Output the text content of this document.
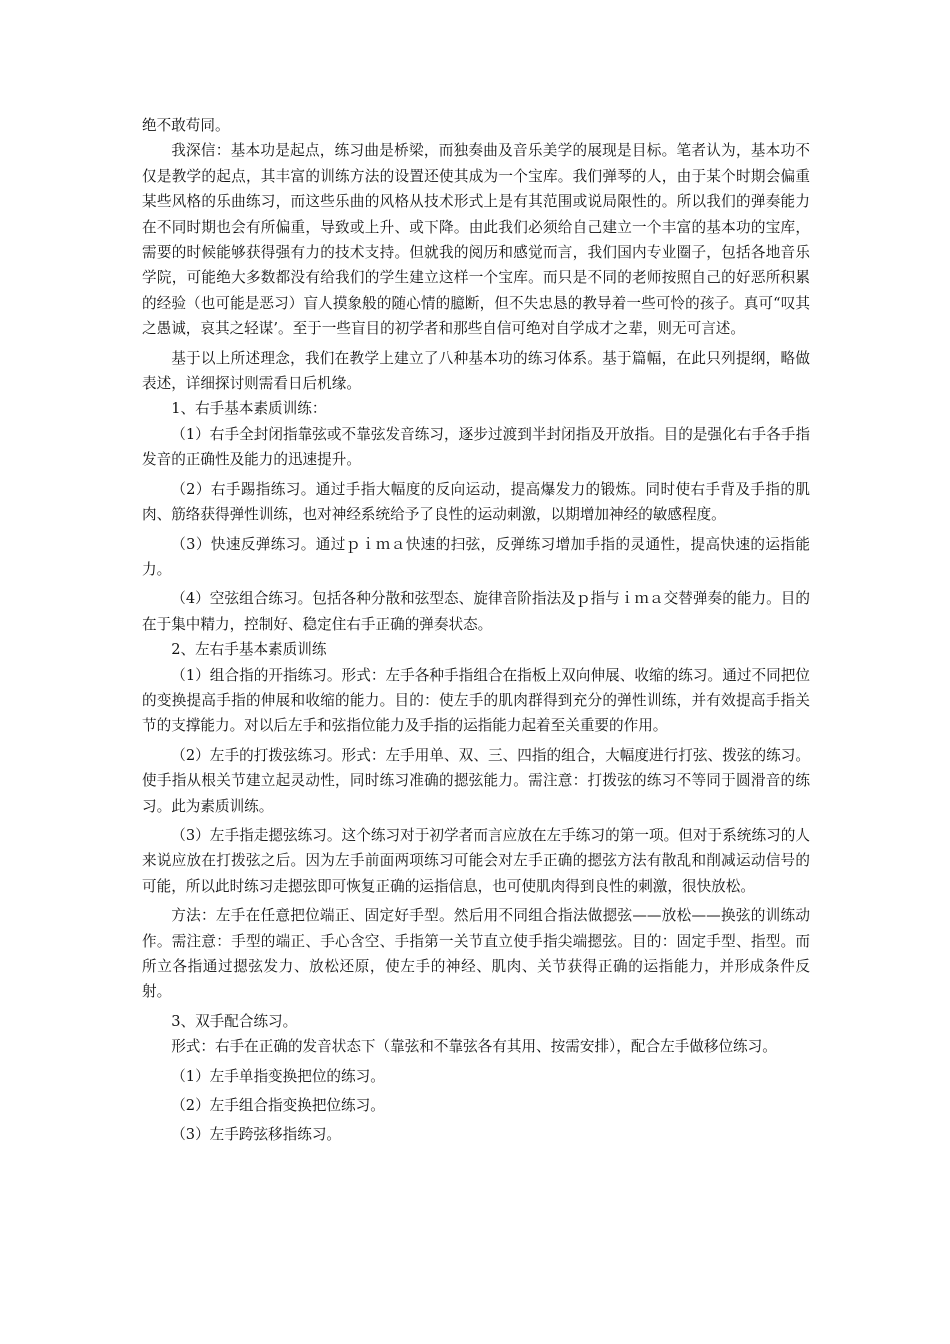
绝不敢苟同。

我深信：基本功是起点，练习曲是桥梁，而独奏曲及音乐美学的展现是目标。笔者认为，基本功不仅是教学的起点，其丰富的训练方法的设置还使其成为一个宝库。我们弹琴的人，由于某个时期会偏重某些风格的乐曲练习，而这些乐曲的风格从技术形式上是有其范围或说局限性的。所以我们的弹奏能力在不同时期也会有所偏重，导致或上升、或下降。由此我们必须给自己建立一个丰富的基本功的宝库，需要的时候能够获得强有力的技术支持。但就我的阅历和感觉而言，我们国内专业圈子，包括各地音乐学院，可能绝大多数都没有给我们的学生建立这样一个宝库。而只是不同的老师按照自己的好恶所积累的经验（也可能是恶习）盲人摸象般的随心情的臆断，但不失忠恳的教导着一些可怜的孩子。真可“叹其之愚诚，哀其之轻谋’。至于一些盲目的初学者和那些自信可绝对自学成才之辈，则无可言述。

基于以上所述理念，我们在教学上建立了八种基本功的练习体系。基于篇幅，在此只列提纲，略做表述，详细探讨则需看日后机缘。

1、右手基本素质训练：

（1）右手全封闭指靠弦或不靠弦发音练习，逐步过渡到半封闭指及开放指。目的是强化右手各手指发音的正确性及能力的迅速提升。

（2）右手踢指练习。通过手指大幅度的反向运动，提高爆发力的锻炼。同时使右手背及手指的肌肉、筋络获得弹性训练，也对神经系统给予了良性的运动刺激，以期增加神经的敏感程度。

（3）快速反弹练习。通过ｐｉｍａ快速的扫弦，反弹练习增加手指的灵通性，提高快速的运指能力。

（4）空弦组合练习。包括各种分散和弦型态、旋律音阶指法及ｐ指与ｉｍａ交替弹奏的能力。目的在于集中精力，控制好、稳定住右手正确的弹奏状态。

2、左右手基本素质训练

（1）组合指的开指练习。形式：左手各种手指组合在指板上双向伸展、收缩的练习。通过不同把位的变换提高手指的伸展和收缩的能力。目的：使左手的肌肉群得到充分的弹性训练，并有效提高手指关节的支撑能力。对以后左手和弦指位能力及手指的运指能力起着至关重要的作用。

（2）左手的打拨弦练习。形式：左手用单、双、三、四指的组合，大幅度进行打弦、拨弦的练习。使手指从根关节建立起灵动性，同时练习准确的摁弦能力。需注意：打拨弦的练习不等同于圆滑音的练习。此为素质训练。

（3）左手指走摁弦练习。这个练习对于初学者而言应放在左手练习的第一项。但对于系统练习的人来说应放在打拨弦之后。因为左手前面两项练习可能会对左手正确的摁弦方法有散乱和削减运动信号的可能，所以此时练习走摁弦即可恢复正确的运指信息，也可使肌肉得到良性的刺激，很快放松。

方法：左手在任意把位端正、固定好手型。然后用不同组合指法做摁弦——放松——换弦的训练动作。需注意：手型的端正、手心含空、手指第一关节直立使手指尖端摁弦。目的：固定手型、指型。而所立各指通过摁弦发力、放松还原，使左手的神经、肌肉、关节获得正确的运指能力，并形成条件反射。

3、双手配合练习。

形式：右手在正确的发音状态下（靠弦和不靠弦各有其用、按需安排），配合左手做移位练习。

（1）左手单指变换把位的练习。

（2）左手组合指变换把位练习。

（3）左手跨弦移指练习。
